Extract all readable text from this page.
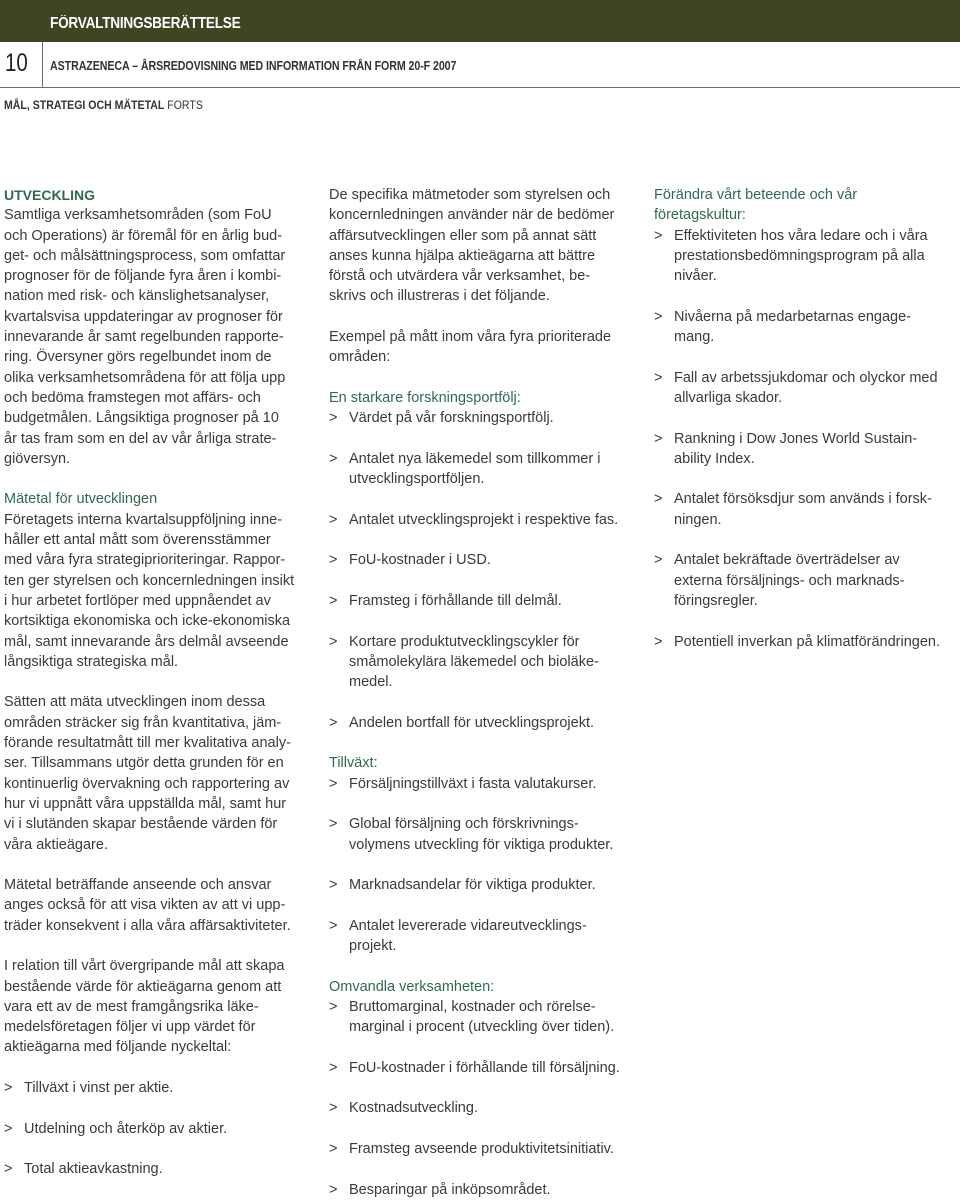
FÖRVALTNINGSBERÄTTELSE
10 ASTRAZENECA – ÅRSREDOVISNING MED INFORMATION FRÅN FORM 20-F 2007
MÅL, STRATEGI OCH MÄTETAL FORTS

UTVECKLING

Samtliga verksamhetsområden (som FoU
och Operations) är föremål för en årlig bud-
get- och målsättningsprocess, som omfattar
prognoser för de följande fyra åren i kombi-
nation med risk- och känslighetsanalyser,
kvartalsvisa uppdateringar av prognoser för
innevarande år samt regelbunden rapporte-
ring. Översyner görs regelbundet inom de
olika verksamhetsområdena för att följa upp
och bedöma framstegen mot affärs- och
budgetmålen. Långsiktiga prognoser på 10
år tas fram som en del av vår årliga strate-
giöversyn.

Mätetal för utvecklingen

Företagets interna kvartalsuppföljning inne-
håller ett antal mått som överensstämmer
med våra fyra strategiprioriteringar. Rappor-
ten ger styrelsen och koncernledningen insikt
i hur arbetet fortlöper med uppnåendet av
kortsiktiga ekonomiska och icke-ekonomiska
mål, samt innevarande års delmål avseende
långsiktiga strategiska mål.

Sätten att mäta utvecklingen inom dessa
områden sträcker sig från kvantitativa, jäm-
förande resultatmått till mer kvalitativa analy-
ser. Tillsammans utgör detta grunden för en
kontinuerlig övervakning och rapportering av
hur vi uppnått våra uppställda mål, samt hur
vi i slutänden skapar bestående värden för
våra aktieägare.

Mätetal beträffande anseende och ansvar
anges också för att visa vikten av att vi upp-
träder konsekvent i alla våra affärsaktiviteter.

I relation till vårt övergripande mål att skapa
bestående värde för aktieägarna genom att
vara ett av de mest framgångsrika läke-
medelsföretagen följer vi upp värdet för
aktieägarna med följande nyckeltal:

> Tillväxt i vinst per aktie.
> Utdelning och återköp av aktier.
> Total aktieavkastning.

De specifika mätmetoder som styrelsen och
koncernledningen använder när de bedömer
affärsutvecklingen eller som på annat sätt
anses kunna hjälpa aktieägarna att bättre
förstå och utvärdera vår verksamhet, be-
skrivs och illustreras i det följande.

Exempel på mått inom våra fyra prioriterade
områden:

En starkare forskningsportfölj:

> Värdet på vår forskningsportfölj.
> Antalet nya läkemedel som tillkommer i
utvecklingsportföljen.
> Antalet utvecklingsprojekt i respektive fas.
> FoU-kostnader i USD.
> Framsteg i förhållande till delmål.
> Kortare produktutvecklingscykler för
småmolekylära läkemedel och bioläke-
medel.
> Andelen bortfall för utvecklingsprojekt.

Tillväxt:

> Försäljningstillväxt i fasta valutakurser.
> Global försäljning och förskrivnings-
volymens utveckling för viktiga produkter.
> Marknadsandelar för viktiga produkter.
> Antalet levererade vidareutvecklings-
projekt.

Omvandla verksamheten:

> Bruttomarginal, kostnader och rörelse-
marginal i procent (utveckling över tiden).
> FoU-kostnader i förhållande till försäljning.
> Kostnadsutveckling.
> Framsteg avseende produktivitetsinitiativ.
> Besparingar på inköpsområdet.

Förändra vårt beteende och vår
företagskultur:

> Effektiviteten hos våra ledare och i våra
prestationsbedömningsprogram på alla
nivåer.
> Nivåerna på medarbetarnas engage-
mang.
> Fall av arbetssjukdomar och olyckor med
allvarliga skador.
> Rankning i Dow Jones World Sustain-
ability Index.
> Antalet försöksdjur som används i forsk-
ningen.
> Antalet bekräftade överträdelser av
externa försäljnings- och marknads-
föringsregler.
> Potentiell inverkan på klimatförändringen.
